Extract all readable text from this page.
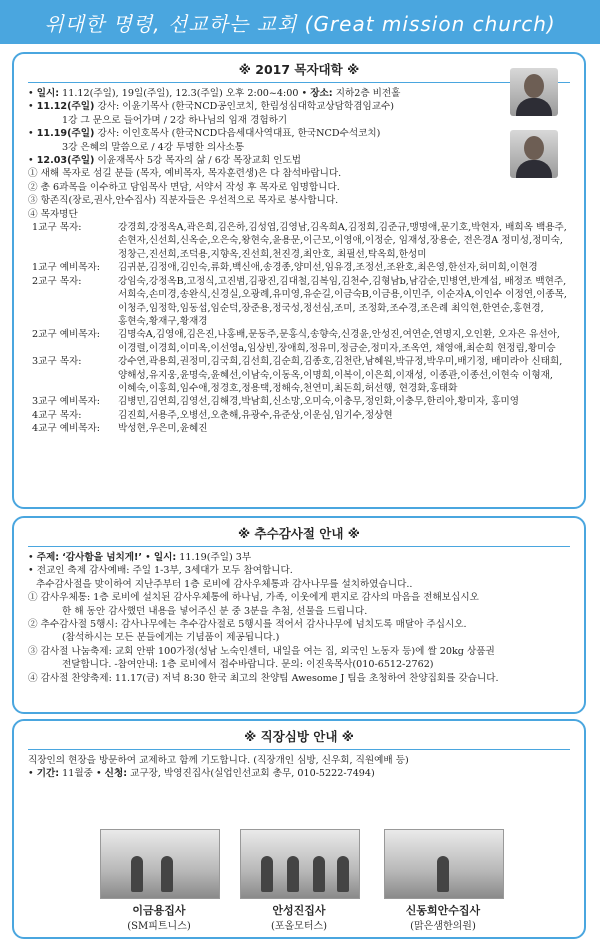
위대한 명령, 선교하는 교회 (Great mission church)
※ 2017 목자대학 ※
• 일시: 11.12(주일), 19일(주일), 12.3(주일) 오후 2:00~4:00 • 장소: 지하2층 비전홀
• 11.12(주일) 강사: 이윤기목사 (한국NCD공인코치, 한림성심대학교상담학겸임교수)
1강 그 문으로 들어가며 / 2강 하나님의 임재 경험하기
• 11.19(주일) 강사: 이인호목사 (한국NCD다음세대사역대표, 한국NCD수석코치)
3강 은혜의 말씀으로 / 4강 투명한 의사소통
• 12.03(주일) 이윤재목사 5강 목자의 삶 / 6강 목장교회 인도법
① 새해 목자로 섬길 분들 (목자, 예비목자, 목자훈련생)은 다 참석바랍니다.
② 총 6과목을 이수하고 담임목사 면담, 서약서 작성 후 목자로 임명합니다.
③ 항존직(장로,권사,안수집사) 직분자들은 우선적으로 목자로 봉사합니다.
④ 목자명단
1교구 목자:	강경희,강정옥A,곽은희,김은하,김성엽,김영남,김옥희A,김정희,김준규,맹명애,문기호,박현자, 배희옥 백용주,손현자,신선희,신옥순,오은숙,왕현숙,윤용문,이근모,이영애,이정순, 임재성,장용순, 전은경A 정미성,정미숙,정창근,진선희,조덕용,지향옥,진선희,천진경,최안호, 최필선,탁옥희,한성미
1교구 예비목자:	김귀분,김정애,김인숙,류화,백신애,송경종,양미선,임유경,조정선,조완호,최은영,한선자,허미희,이현경
2교구 목자:	강임숙,강정옥B,고정식,고진범,김광진,김대철,김복임,김천수,김형남b,남감순,민병연,반계섭, 배정조 백현주,서희숙,손미경,송완식,신경실,오광례,유미영,유순길,이금숙B,이금용,이민주, 이순자A,이인수 이정연,이종목,이청주,임정학,임동섭,임순덕,장준용,정국성,정선심,조미, 조정화,조수경,조은례 최익현,한연순,홍현경,홍현숙,황재구,황재경
2교구 예비목자:	김명숙A,김영애,김은진,나홍배,문동주,문홍식,송향숙,신경윤,안성진,여연순,연명지,오인환, 오자은 유선아,이경렬,이경희,이미옥,이선영a,임상빈,장애희,정유미,정금순,정미자,조옥연, 채영애,최순희 현정림,황미승
3교구 목자:	강수연,곽용희,권정미,김국희,김선희,김순희,김종호,김천란,남혜원,박규정,박우미,배기정, 배미라아 신태희,양해성,유지웅,윤명숙,윤혜선,이남숙,이동옥,이명희,이복이,이은희,이재성, 이종관,이종선,이현숙 이형재,이혜숙,이홍희,임수애,정경호,정용택,정해숙,천연미,최돈희,허선행, 현경화,홍태화
3교구 예비목자:	김병민,김연희,김영선,김해경,박남희,신소망,오미숙,이충무,정인화,이충무,한리아,황미자, 홍미영
4교구 목자:	김진희,서용주,오병선,오춘해,유광수,유준상,이운심,임기수,정상현
4교구 예비목자:	박성현,우은미,윤혜진
※ 추수감사절 안내 ※
• 주제: ‘감사함을 넘치게!’ • 일시: 11.19(주일) 3부
• 전교인 축제 감사예배: 주일 1-3부, 3세대가 모두 참여합니다.
추수감사절을 맞이하여 지난주부터 1층 로비에 감사우체통과 감사나무를 설치하였습니다..
① 감사우체통: 1층 로비에 설치된 감사우체통에 하나님, 가족, 이웃에게 편지로 감사의 마음을 전해보십시오
한 해 동안 감사했던 내용을 넣어주신 분 중 3분을 추첨, 선물을 드립니다.
② 추수감사절 5행시: 감사나무에는 추수감사절로 5행시를 적어서 감사나무에 넘치도록 매달아 주십시오.
(참석하시는 모든 분들에게는 기념품이 제공됩니다.)
③ 감사절 나눔축제: 교회 안팎 100가정(성남 노숙인센터, 내일을 여는 집, 외국인 노동자 등)에 쌀 20kg 상품권
전달합니다. -참여안내: 1층 로비에서 접수바랍니다. 문의: 이진욱목사(010-6512-2762)
④ 감사절 찬양축제: 11.17(금) 저녁 8:30 한국 최고의 찬양팀 Awesome J 팀을 초청하여 찬양집회를 갖습니다.
※ 직장심방 안내 ※
직장인의 현장을 방문하여 교제하고 함께 기도합니다. (직장개인 심방, 신우회, 직원예배 등)
• 기간: 11월중 • 신청: 교구장, 박영진집사(실업인선교회 총무, 010-5222-7494)
이금용집사
(SM피트니스)
안성진집사
(포올모터스)
신동희안수집사
(맑은샘한의원)
